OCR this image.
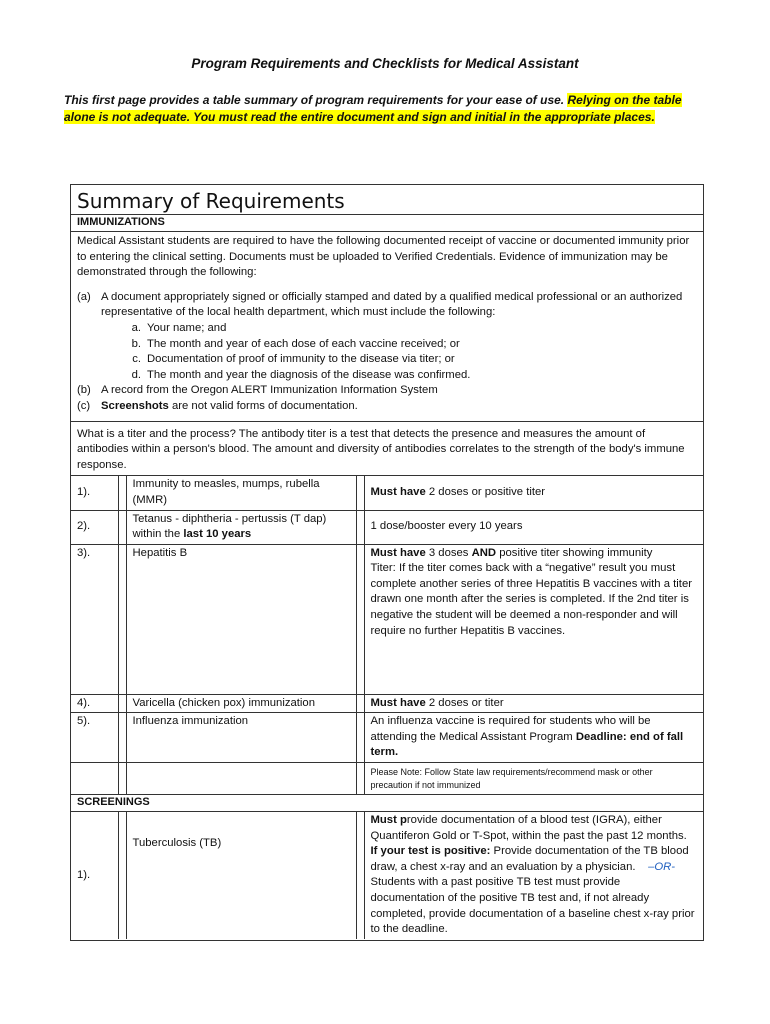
Program Requirements and Checklists for Medical Assistant
This first page provides a table summary of program requirements for your ease of use. Relying on the table alone is not adequate. You must read the entire document and sign and initial in the appropriate places.
Summary of Requirements
IMMUNIZATIONS
Medical Assistant students are required to have the following documented receipt of vaccine or documented immunity prior to entering the clinical setting. Documents must be uploaded to Verified Credentials. Evidence of immunization may be demonstrated through the following:
(a) A document appropriately signed or officially stamped and dated by a qualified medical professional or an authorized representative of the local health department, which must include the following:
a. Your name; and
b. The month and year of each dose of each vaccine received; or
c. Documentation of proof of immunity to the disease via titer; or
d. The month and year the diagnosis of the disease was confirmed.
(b) A record from the Oregon ALERT Immunization Information System
(c) Screenshots are not valid forms of documentation.
What is a titer and the process? The antibody titer is a test that detects the presence and measures the amount of antibodies within a person's blood. The amount and diversity of antibodies correlates to the strength of the body's immune response.
1).		Immunity to measles, mumps, rubella (MMR)		Must have 2 doses or positive titer
2).		Tetanus - diphtheria - pertussis (T dap) within the last 10 years		1 dose/booster every 10 years
3).		Hepatitis B		Must have 3 doses AND positive titer showing immunity
Titer: If the titer comes back with a “negative” result you must complete another series of three Hepatitis B vaccines with a titer drawn one month after the series is completed. If the 2nd titer is negative the student will be deemed a non-responder and will require no further Hepatitis B vaccines.
4).		Varicella (chicken pox) immunization		Must have 2 doses or titer
5).		Influenza immunization		An influenza vaccine is required for students who will be attending the Medical Assistant Program Deadline: end of fall term.
				Please Note: Follow State law requirements/recommend mask or other precaution if not immunized
SCREENINGS
1).		Tuberculosis (TB)		Must provide documentation of a blood test (IGRA), either Quantiferon Gold or T-Spot, within the past the past 12 months.
If your test is positive: Provide documentation of the TB blood draw, a chest x-ray and an evaluation by a physician. –OR-
Students with a past positive TB test must provide documentation of the positive TB test and, if not already completed, provide documentation of a baseline chest x-ray prior to the deadline.
